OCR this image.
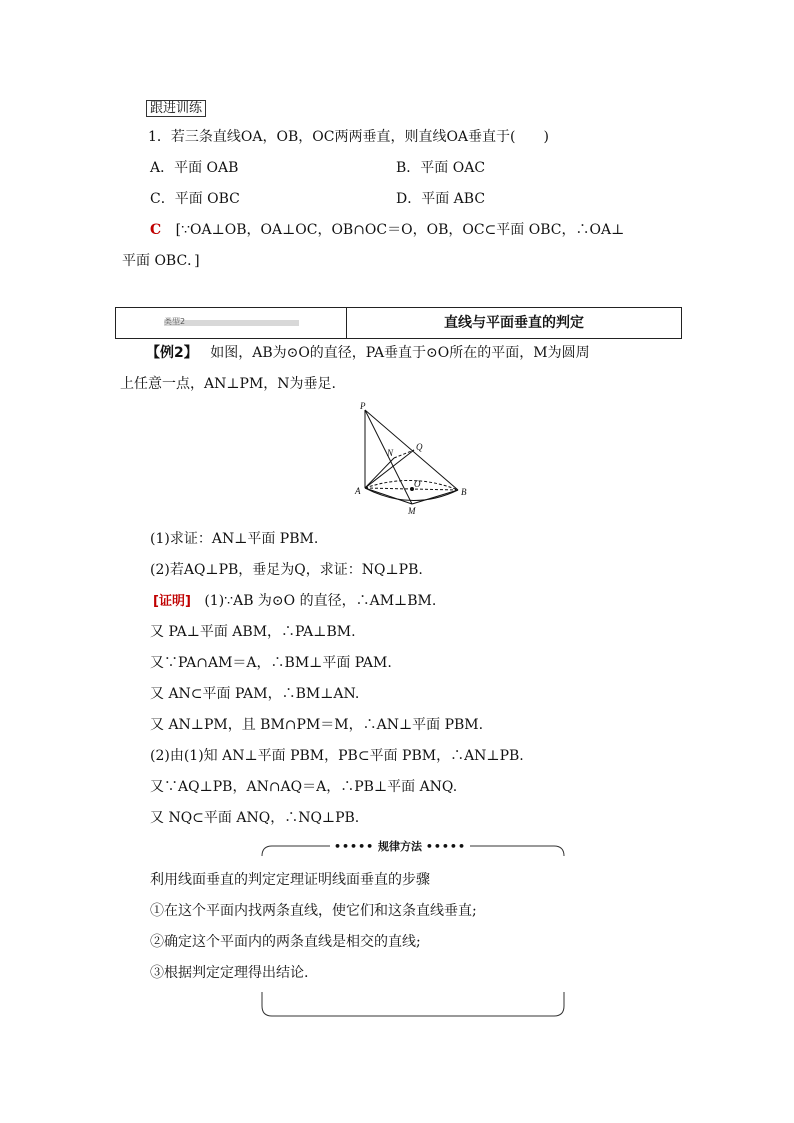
跟进训练
1．若三条直线OA，OB，OC两两垂直，则直线OA垂直于(　　)
A．平面 OAB	B．平面 OAC
C．平面 OBC	D．平面 ABC
C [∵OA⊥OB，OA⊥OC，OB∩OC＝O，OB，OC⊂平面 OBC，∴OA⊥
平面 OBC．]
类型2	直线与平面垂直的判定
【例2】 如图，AB为⊙O的直径，PA垂直于⊙O所在的平面，M为圆周
上任意一点，AN⊥PM，N为垂足.
P
Q
N
O
A	B
M
(1)求证：AN⊥平面 PBM.
(2)若AQ⊥PB，垂足为Q，求证：NQ⊥PB.
[证明] (1)∵AB 为⊙O 的直径，∴AM⊥BM.
又 PA⊥平面 ABM，∴PA⊥BM.
又∵PA∩AM＝A，∴BM⊥平面 PAM.
又 AN⊂平面 PAM，∴BM⊥AN.
又 AN⊥PM，且 BM∩PM＝M，∴AN⊥平面 PBM.
(2)由(1)知 AN⊥平面 PBM，PB⊂平面 PBM，∴AN⊥PB.
又∵AQ⊥PB，AN∩AQ＝A，∴PB⊥平面 ANQ.
又 NQ⊂平面 ANQ，∴NQ⊥PB.
••••• 规律方法 •••••
利用线面垂直的判定定理证明线面垂直的步骤
①在这个平面内找两条直线，使它们和这条直线垂直;
②确定这个平面内的两条直线是相交的直线;
③根据判定定理得出结论.
